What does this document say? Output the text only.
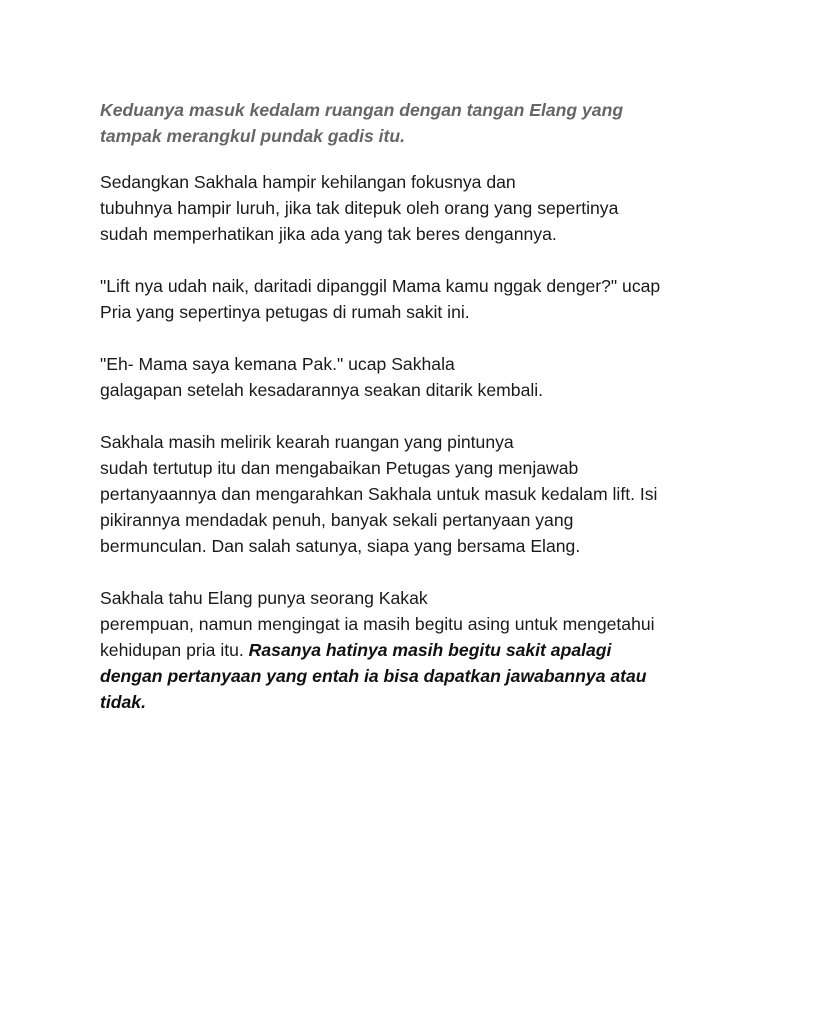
Keduanya masuk kedalam ruangan dengan tangan Elang yang
tampak merangkul pundak gadis itu.

Sedangkan Sakhala hampir kehilangan fokusnya dan
tubuhnya hampir luruh, jika tak ditepuk oleh orang yang sepertinya
sudah memperhatikan jika ada yang tak beres dengannya.

"Lift nya udah naik, daritadi dipanggil Mama kamu nggak denger?" ucap
Pria yang sepertinya petugas di rumah sakit ini.

"Eh- Mama saya kemana Pak." ucap Sakhala
galagapan setelah kesadarannya seakan ditarik kembali.

Sakhala masih melirik kearah ruangan yang pintunya
sudah tertutup itu dan mengabaikan Petugas yang menjawab
pertanyaannya dan mengarahkan Sakhala untuk masuk kedalam lift. Isi
pikirannya mendadak penuh, banyak sekali pertanyaan yang
bermunculan. Dan salah satunya, siapa yang bersama Elang.

Sakhala tahu Elang punya seorang Kakak
perempuan, namun mengingat ia masih begitu asing untuk mengetahui
kehidupan pria itu. Rasanya hatinya masih begitu sakit apalagi
dengan pertanyaan yang entah ia bisa dapatkan jawabannya atau
tidak.
